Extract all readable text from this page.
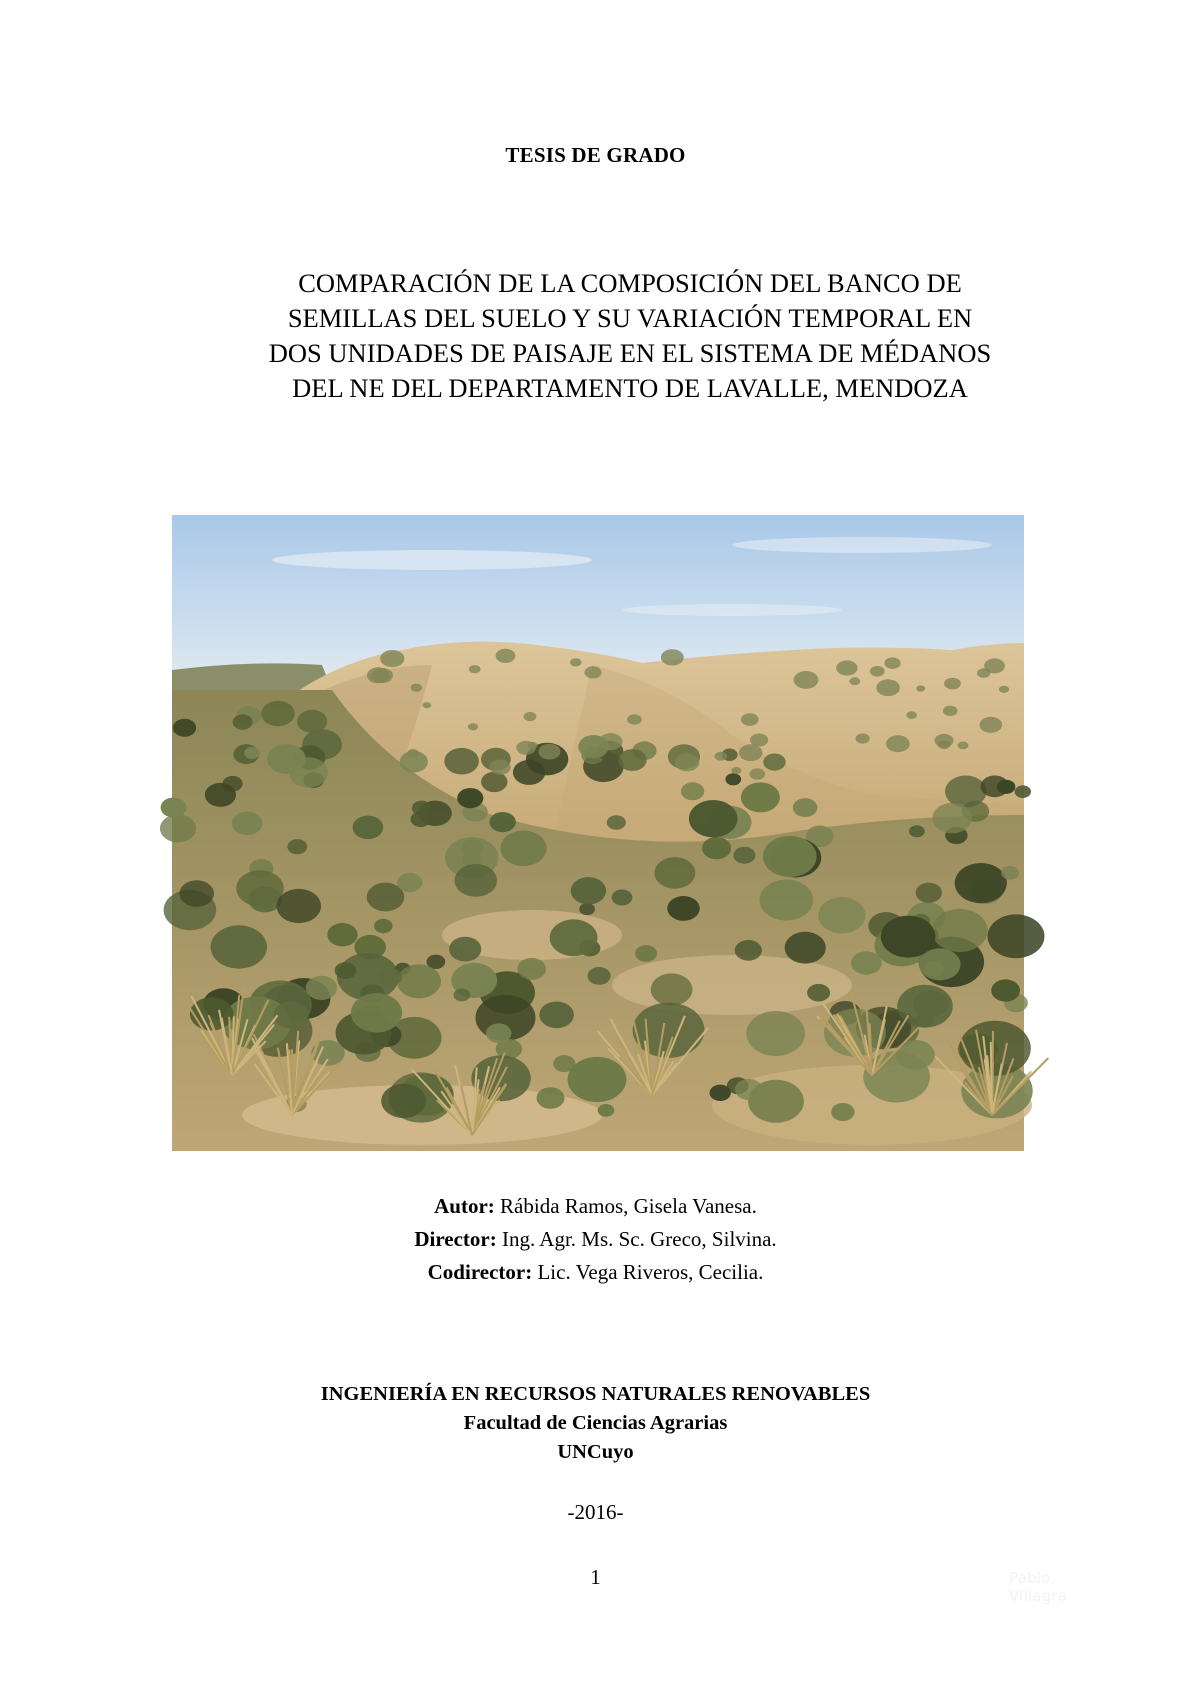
TESIS DE GRADO
COMPARACIÓN DE LA COMPOSICIÓN DEL BANCO DE
SEMILLAS DEL SUELO Y SU VARIACIÓN TEMPORAL EN
DOS UNIDADES DE PAISAJE EN EL SISTEMA DE MÉDANOS
DEL NE DEL DEPARTAMENTO DE LAVALLE, MENDOZA
Pablo Villagra
Autor: Rábida Ramos, Gisela Vanesa.
Director: Ing. Agr. Ms. Sc. Greco, Silvina.
Codirector: Lic. Vega Riveros, Cecilia.
INGENIERÍA EN RECURSOS NATURALES RENOVABLES
Facultad de Ciencias Agrarias
UNCuyo
-2016-
1
